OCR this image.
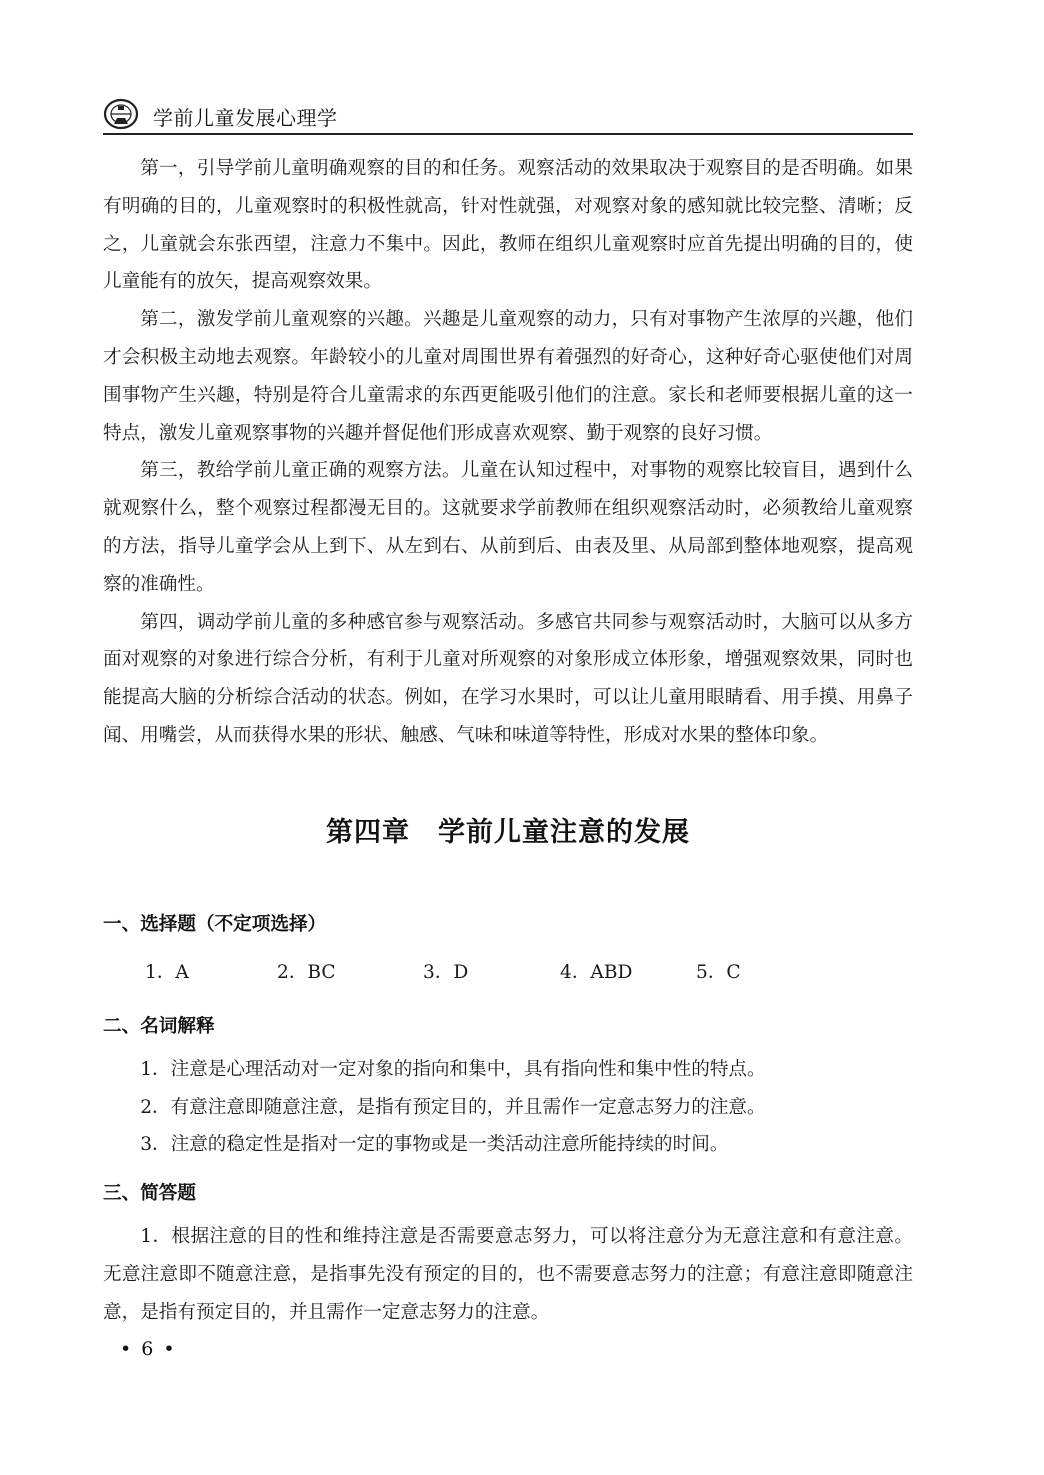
学前儿童发展心理学

第一，引导学前儿童明确观察的目的和任务。观察活动的效果取决于观察目的是否明确。如果有明确的目的，儿童观察时的积极性就高，针对性就强，对观察对象的感知就比较完整、清晰；反之，儿童就会东张西望，注意力不集中。因此，教师在组织儿童观察时应首先提出明确的目的，使儿童能有的放矢，提高观察效果。

第二，激发学前儿童观察的兴趣。兴趣是儿童观察的动力，只有对事物产生浓厚的兴趣，他们才会积极主动地去观察。年龄较小的儿童对周围世界有着强烈的好奇心，这种好奇心驱使他们对周围事物产生兴趣，特别是符合儿童需求的东西更能吸引他们的注意。家长和老师要根据儿童的这一特点，激发儿童观察事物的兴趣并督促他们形成喜欢观察、勤于观察的良好习惯。

第三，教给学前儿童正确的观察方法。儿童在认知过程中，对事物的观察比较盲目，遇到什么就观察什么，整个观察过程都漫无目的。这就要求学前教师在组织观察活动时，必须教给儿童观察的方法，指导儿童学会从上到下、从左到右、从前到后、由表及里、从局部到整体地观察，提高观察的准确性。

第四，调动学前儿童的多种感官参与观察活动。多感官共同参与观察活动时，大脑可以从多方面对观察的对象进行综合分析，有利于儿童对所观察的对象形成立体形象，增强观察效果，同时也能提高大脑的分析综合活动的状态。例如，在学习水果时，可以让儿童用眼睛看、用手摸、用鼻子闻、用嘴尝，从而获得水果的形状、触感、气味和味道等特性，形成对水果的整体印象。

第四章 学前儿童注意的发展
一、选择题（不定项选择）
1．A	2．BC	3．D	4．ABD	5．C
二、名词解释

1．注意是心理活动对一定对象的指向和集中，具有指向性和集中性的特点。

2．有意注意即随意注意，是指有预定目的，并且需作一定意志努力的注意。

3．注意的稳定性是指对一定的事物或是一类活动注意所能持续的时间。

三、简答题

1．根据注意的目的性和维持注意是否需要意志努力，可以将注意分为无意注意和有意注意。无意注意即不随意注意，是指事先没有预定的目的，也不需要意志努力的注意；有意注意即随意注意，是指有预定目的，并且需作一定意志努力的注意。

• 6 •
